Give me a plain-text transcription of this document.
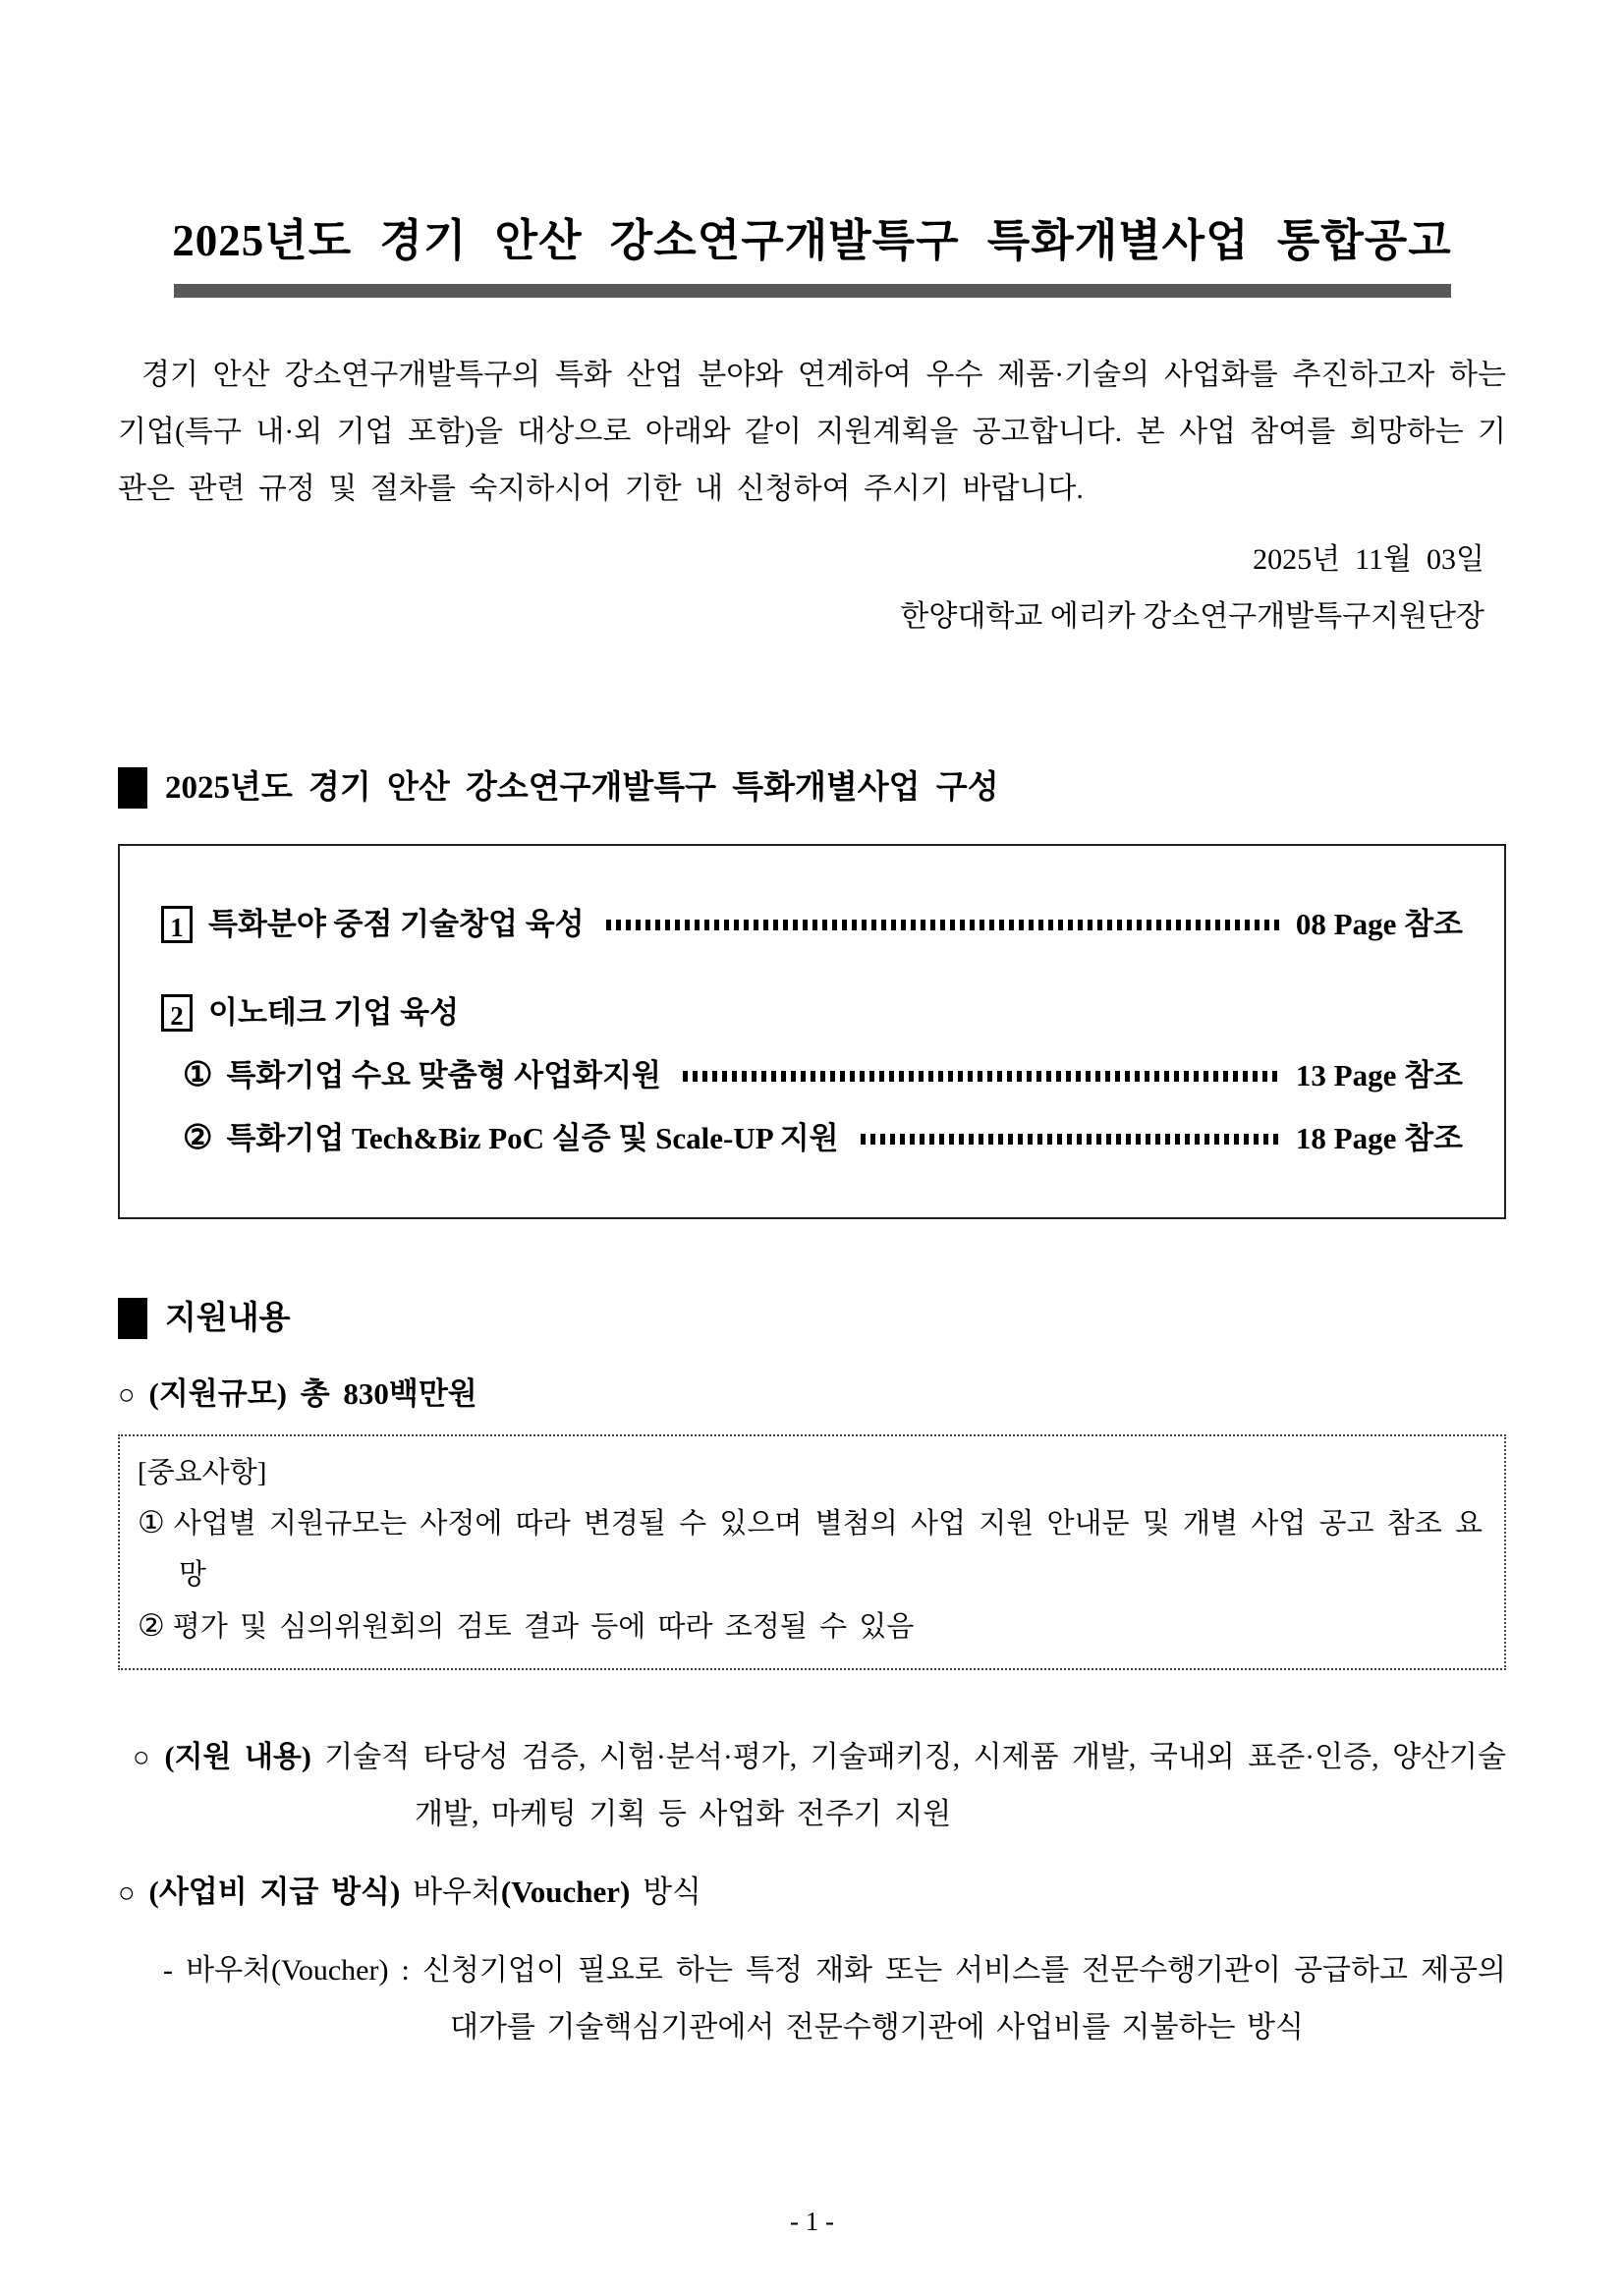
2025년도 경기 안산 강소연구개발특구 특화개별사업 통합공고
경기 안산 강소연구개발특구의 특화 산업 분야와 연계하여 우수 제품·기술의 사업화를 추진하고자 하는 기업(특구 내·외 기업 포함)을 대상으로 아래와 같이 지원계획을 공고합니다. 본 사업 참여를 희망하는 기관은 관련 규정 및 절차를 숙지하시어 기한 내 신청하여 주시기 바랍니다.
2025년  11월  03일
한양대학교 에리카 강소연구개발특구지원단장
2025년도 경기 안산 강소연구개발특구 특화개별사업 구성
1 특화분야 중점 기술창업 육성	08 Page 참조
2 이노테크 기업 육성
① 특화기업 수요 맞춤형 사업화지원	13 Page 참조
② 특화기업 Tech&Biz PoC 실증 및 Scale-UP 지원	18 Page 참조
지원내용
○ (지원규모) 총 830백만원
[중요사항]
① 사업별 지원규모는 사정에 따라 변경될 수 있으며 별첨의 사업 지원 안내문 및 개별 사업 공고 참조 요망
② 평가 및 심의위원회의 검토 결과 등에 따라 조정될 수 있음
○ (지원 내용) 기술적 타당성 검증, 시험·분석·평가, 기술패키징, 시제품 개발, 국내외 표준·인증, 양산기술 개발, 마케팅 기획 등 사업화 전주기 지원
○ (사업비 지급 방식) 바우처(Voucher) 방식
- 바우처(Voucher) : 신청기업이 필요로 하는 특정 재화 또는 서비스를 전문수행기관이 공급하고 제공의 대가를 기술핵심기관에서 전문수행기관에 사업비를 지불하는 방식
- 1 -
